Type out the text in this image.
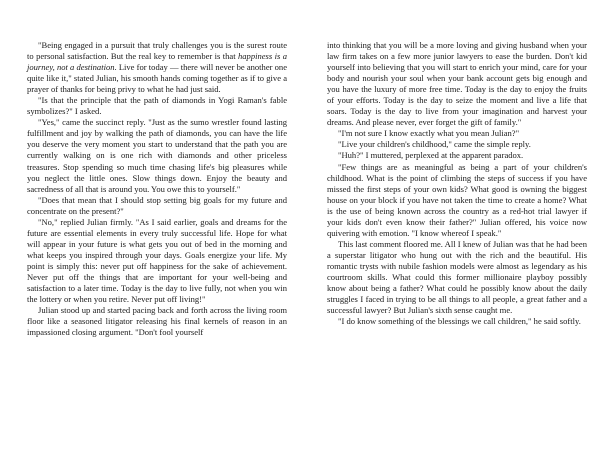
"Being engaged in a pursuit that truly challenges you is the surest route to personal satisfaction. But the real key to remember is that happiness is a journey, not a destination. Live for today — there will never be another one quite like it," stated Julian, his smooth hands coming together as if to give a prayer of thanks for being privy to what he had just said.

"Is that the principle that the path of diamonds in Yogi Raman's fable symbolizes?" I asked.

"Yes," came the succinct reply. "Just as the sumo wrestler found lasting fulfillment and joy by walking the path of diamonds, you can have the life you deserve the very moment you start to understand that the path you are currently walking on is one rich with diamonds and other priceless treasures. Stop spending so much time chasing life's big pleasures while you neglect the little ones. Slow things down. Enjoy the beauty and sacredness of all that is around you. You owe this to yourself."

"Does that mean that I should stop setting big goals for my future and concentrate on the present?"

"No," replied Julian firmly. "As I said earlier, goals and dreams for the future are essential elements in every truly successful life. Hope for what will appear in your future is what gets you out of bed in the morning and what keeps you inspired through your days. Goals energize your life. My point is simply this: never put off happiness for the sake of achievement. Never put off the things that are important for your well-being and satisfaction to a later time. Today is the day to live fully, not when you win the lottery or when you retire. Never put off living!"

Julian stood up and started pacing back and forth across the living room floor like a seasoned litigator releasing his final kernels of reason in an impassioned closing argument. "Don't fool yourself

into thinking that you will be a more loving and giving husband when your law firm takes on a few more junior lawyers to ease the burden. Don't kid yourself into believing that you will start to enrich your mind, care for your body and nourish your soul when your bank account gets big enough and you have the luxury of more free time. Today is the day to enjoy the fruits of your efforts. Today is the day to seize the moment and live a life that soars. Today is the day to live from your imagination and harvest your dreams. And please never, ever forget the gift of family."

"I'm not sure I know exactly what you mean Julian?"

"Live your children's childhood," came the simple reply.

"Huh?" I muttered, perplexed at the apparent paradox.

"Few things are as meaningful as being a part of your children's childhood. What is the point of climbing the steps of success if you have missed the first steps of your own kids? What good is owning the biggest house on your block if you have not taken the time to create a home? What is the use of being known across the country as a red-hot trial lawyer if your kids don't even know their father?" Julian offered, his voice now quivering with emotion. "I know whereof I speak."

This last comment floored me. All I knew of Julian was that he had been a superstar litigator who hung out with the rich and the beautiful. His romantic trysts with nubile fashion models were almost as legendary as his courtroom skills. What could this former millionaire playboy possibly know about being a father? What could he possibly know about the daily struggles I faced in trying to be all things to all people, a great father and a successful lawyer? But Julian's sixth sense caught me.

"I do know something of the blessings we call children," he said softly.
